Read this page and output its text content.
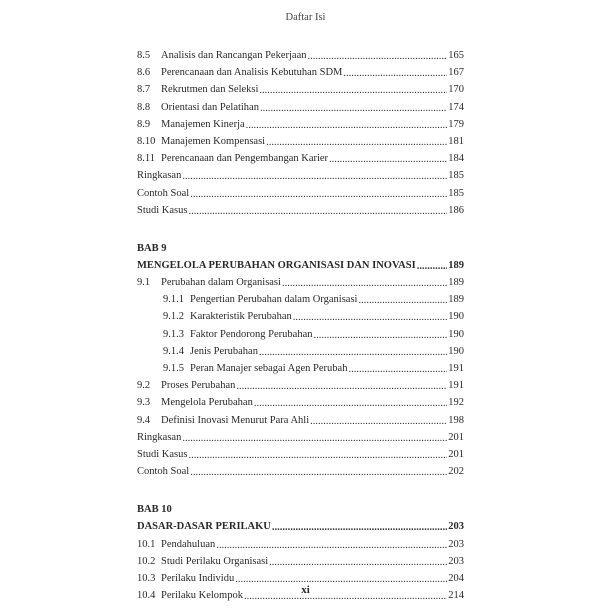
Daftar Isi
8.5	Analisis dan Rancangan Pekerjaan .....	165
8.6	Perencanaan dan Analisis Kebutuhan SDM .....	167
8.7	Rekrutmen dan Seleksi .....	170
8.8	Orientasi dan Pelatihan .....	174
8.9	Manajemen Kinerja .....	179
8.10 Manajemen Kompensasi .....	181
8.11 Perencanaan dan Pengembangan Karier .....	184
Ringkasan .....	185
Contoh Soal .....	185
Studi Kasus .....	186
BAB 9
MENGELOLA PERUBAHAN ORGANISASI DAN INOVASI .....	189
9.1	Perubahan dalam Organisasi .....	189
9.1.1 Pengertian Perubahan dalam Organisasi .....	189
9.1.2 Karakteristik Perubahan .....	190
9.1.3 Faktor Pendorong Perubahan .....	190
9.1.4 Jenis Perubahan .....	190
9.1.5 Peran Manajer sebagai Agen Perubah .....	191
9.2	Proses Perubahan .....	191
9.3	Mengelola Perubahan .....	192
9.4	Definisi Inovasi Menurut Para Ahli .....	198
Ringkasan .....	201
Studi Kasus .....	201
Contoh Soal .....	202
BAB 10
DASAR-DASAR PERILAKU .....	203
10.1 Pendahuluan .....	203
10.2 Studi Perilaku Organisasi .....	203
10.3 Perilaku Individu .....	204
10.4 Perilaku Kelompok .....	214
xi
